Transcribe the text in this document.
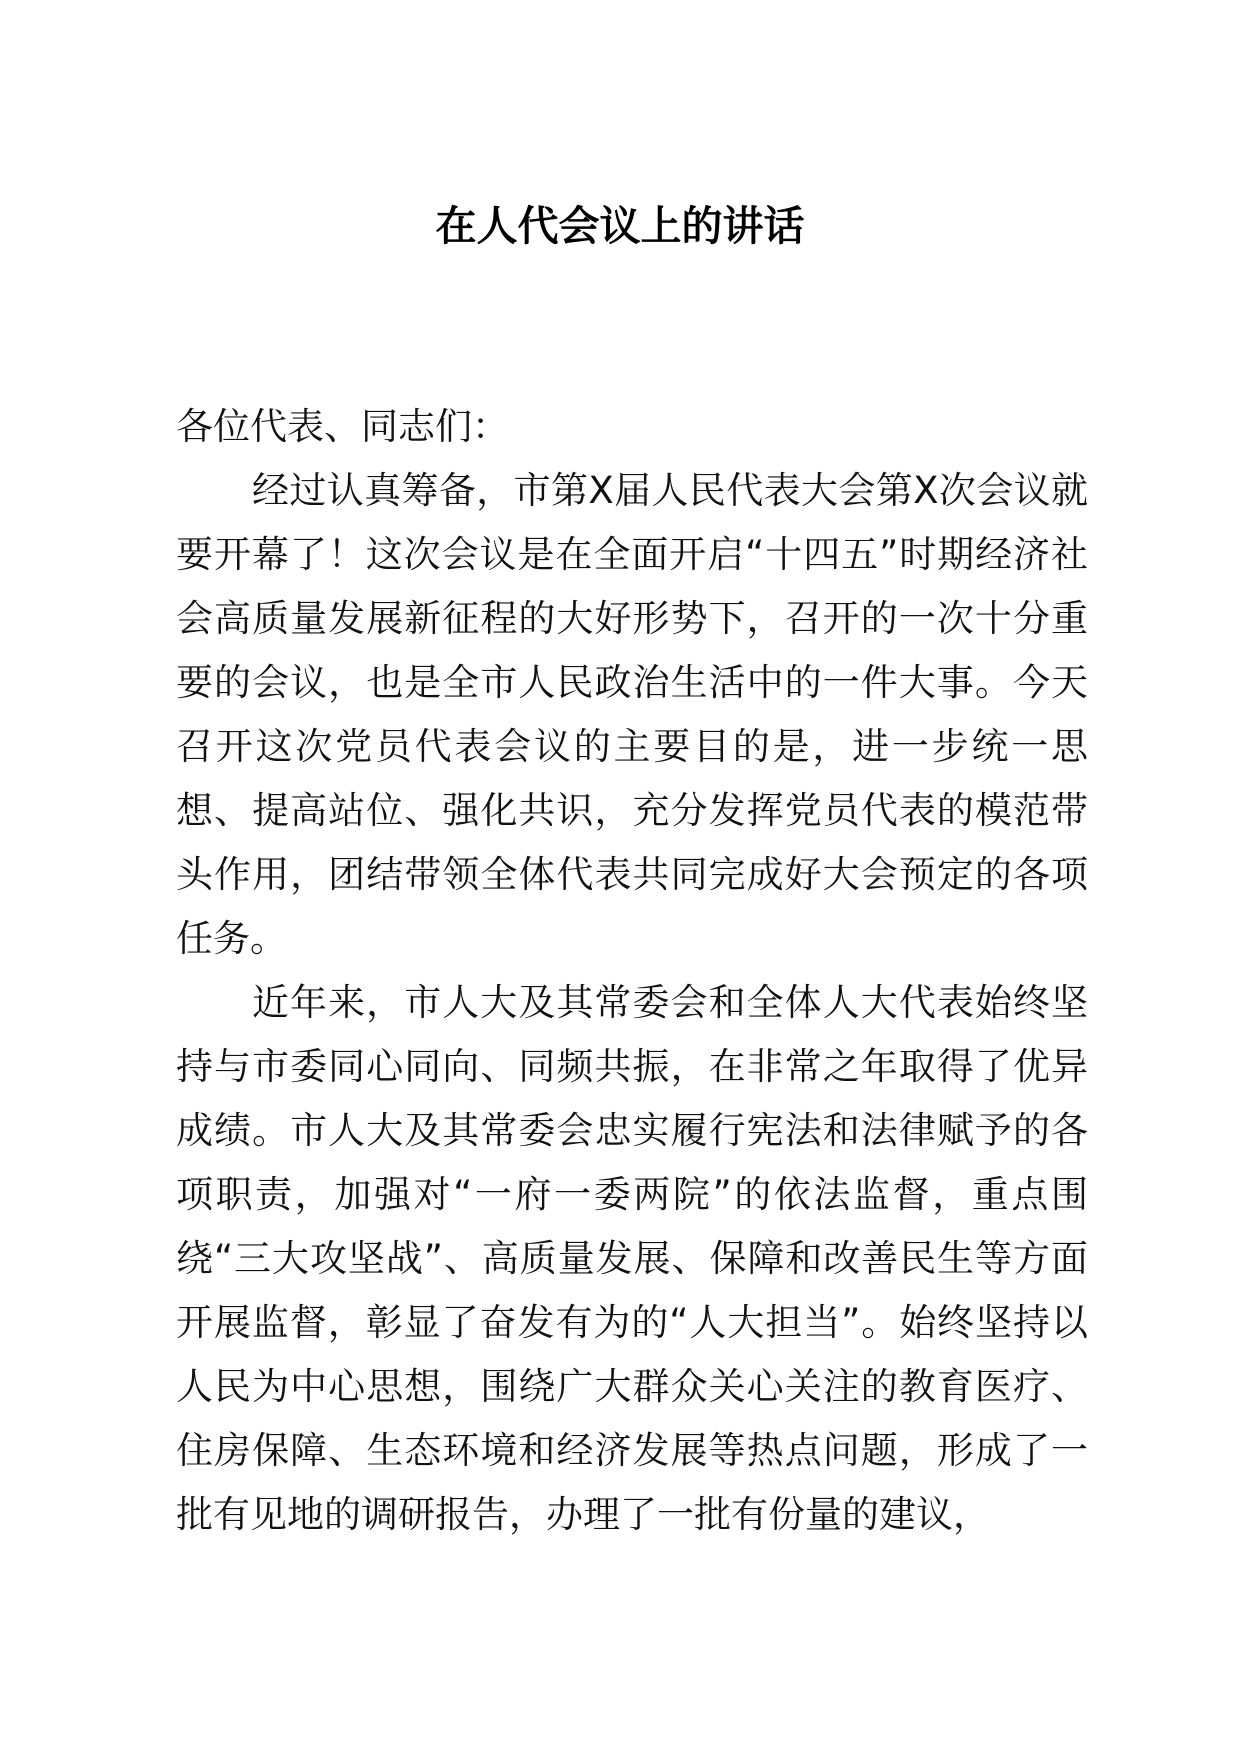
在人代会议上的讲话

各位代表、同志们：

经过认真筹备，市第Ⅹ届人民代表大会第Ⅹ次会议就要开幕了！这次会议是在全面开启“十四五”时期经济社会高质量发展新征程的大好形势下，召开的一次十分重要的会议，也是全市人民政治生活中的一件大事。今天召开这次党员代表会议的主要目的是，进一步统一思想、提高站位、强化共识，充分发挥党员代表的模范带头作用，团结带领全体代表共同完成好大会预定的各项任务。

近年来，市人大及其常委会和全体人大代表始终坚持与市委同心同向、同频共振，在非常之年取得了优异成绩。市人大及其常委会忠实履行宪法和法律赋予的各项职责，加强对“一府一委两院”的依法监督，重点围绕“三大攻坚战”、高质量发展、保障和改善民生等方面开展监督，彰显了奋发有为的“人大担当”。始终坚持以人民为中心思想，围绕广大群众关心关注的教育医疗、住房保障、生态环境和经济发展等热点问题，形成了一批有见地的调研报告，办理了一批有份量的建议，
